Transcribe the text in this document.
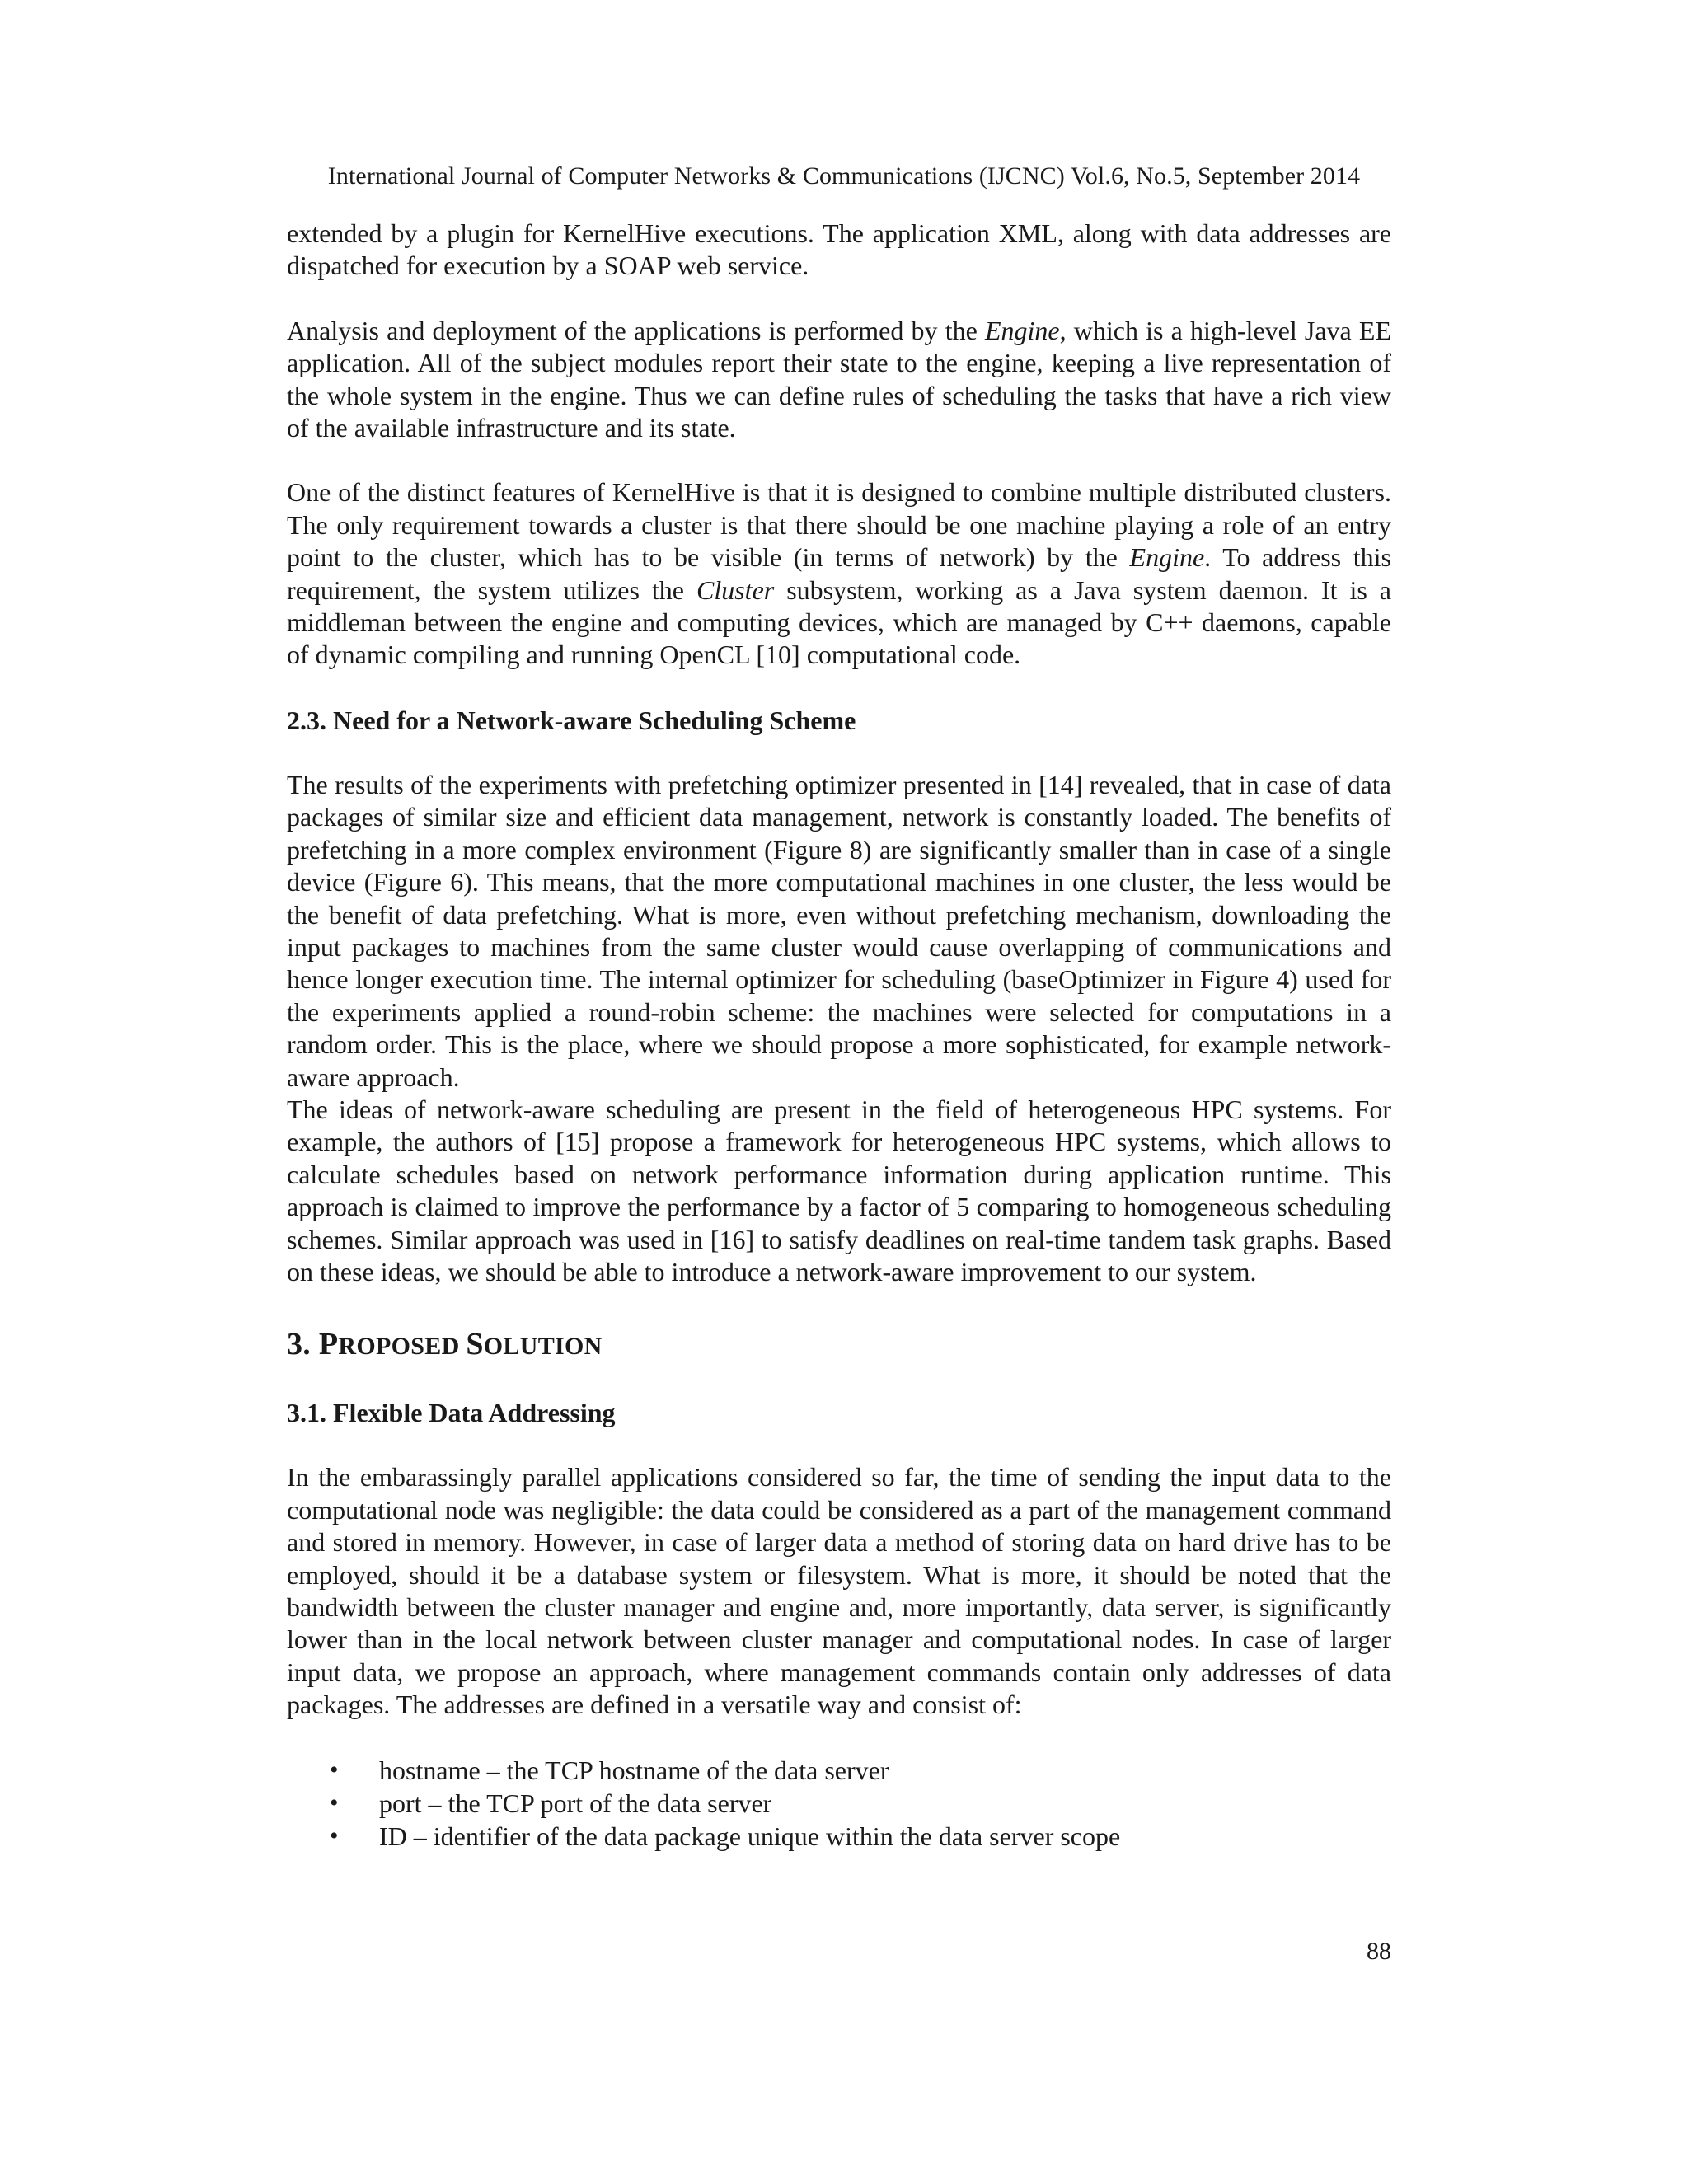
International Journal of Computer Networks & Communications (IJCNC) Vol.6, No.5, September 2014

extended by a plugin for KernelHive executions. The application XML, along with data addresses are dispatched for execution by a SOAP web service.

Analysis and deployment of the applications is performed by the Engine, which is a high-level Java EE application. All of the subject modules report their state to the engine, keeping a live representation of the whole system in the engine. Thus we can define rules of scheduling the tasks that have a rich view of the available infrastructure and its state.

One of the distinct features of KernelHive is that it is designed to combine multiple distributed clusters. The only requirement towards a cluster is that there should be one machine playing a role of an entry point to the cluster, which has to be visible (in terms of network) by the Engine. To address this requirement, the system utilizes the Cluster subsystem, working as a Java system daemon. It is a middleman between the engine and computing devices, which are managed by C++ daemons, capable of dynamic compiling and running OpenCL [10] computational code.

2.3. Need for a Network-aware Scheduling Scheme

The results of the experiments with prefetching optimizer presented in [14] revealed, that in case of data packages of similar size and efficient data management, network is constantly loaded. The benefits of prefetching in a more complex environment (Figure 8) are significantly smaller than in case of a single device (Figure 6). This means, that the more computational machines in one cluster, the less would be the benefit of data prefetching. What is more, even without prefetching mechanism, downloading the input packages to machines from the same cluster would cause overlapping of communications and hence longer execution time. The internal optimizer for scheduling (baseOptimizer in Figure 4) used for the experiments applied a round-robin scheme: the machines were selected for computations in a random order. This is the place, where we should propose a more sophisticated, for example network-aware approach.

The ideas of network-aware scheduling are present in the field of heterogeneous HPC systems. For example, the authors of [15] propose a framework for heterogeneous HPC systems, which allows to calculate schedules based on network performance information during application runtime. This approach is claimed to improve the performance by a factor of 5 comparing to homogeneous scheduling schemes. Similar approach was used in [16] to satisfy deadlines on real-time tandem task graphs. Based on these ideas, we should be able to introduce a network-aware improvement to our system.

3. PROPOSED SOLUTION
3.1. Flexible Data Addressing

In the embarassingly parallel applications considered so far, the time of sending the input data to the computational node was negligible: the data could be considered as a part of the management command and stored in memory. However, in case of larger data a method of storing data on hard drive has to be employed, should it be a database system or filesystem. What is more, it should be noted that the bandwidth between the cluster manager and engine and, more importantly, data server, is significantly lower than in the local network between cluster manager and computational nodes. In case of larger input data, we propose an approach, where management commands contain only addresses of data packages. The addresses are defined in a versatile way and consist of:

• hostname – the TCP hostname of the data server
• port – the TCP port of the data server
• ID – identifier of the data package unique within the data server scope
88
